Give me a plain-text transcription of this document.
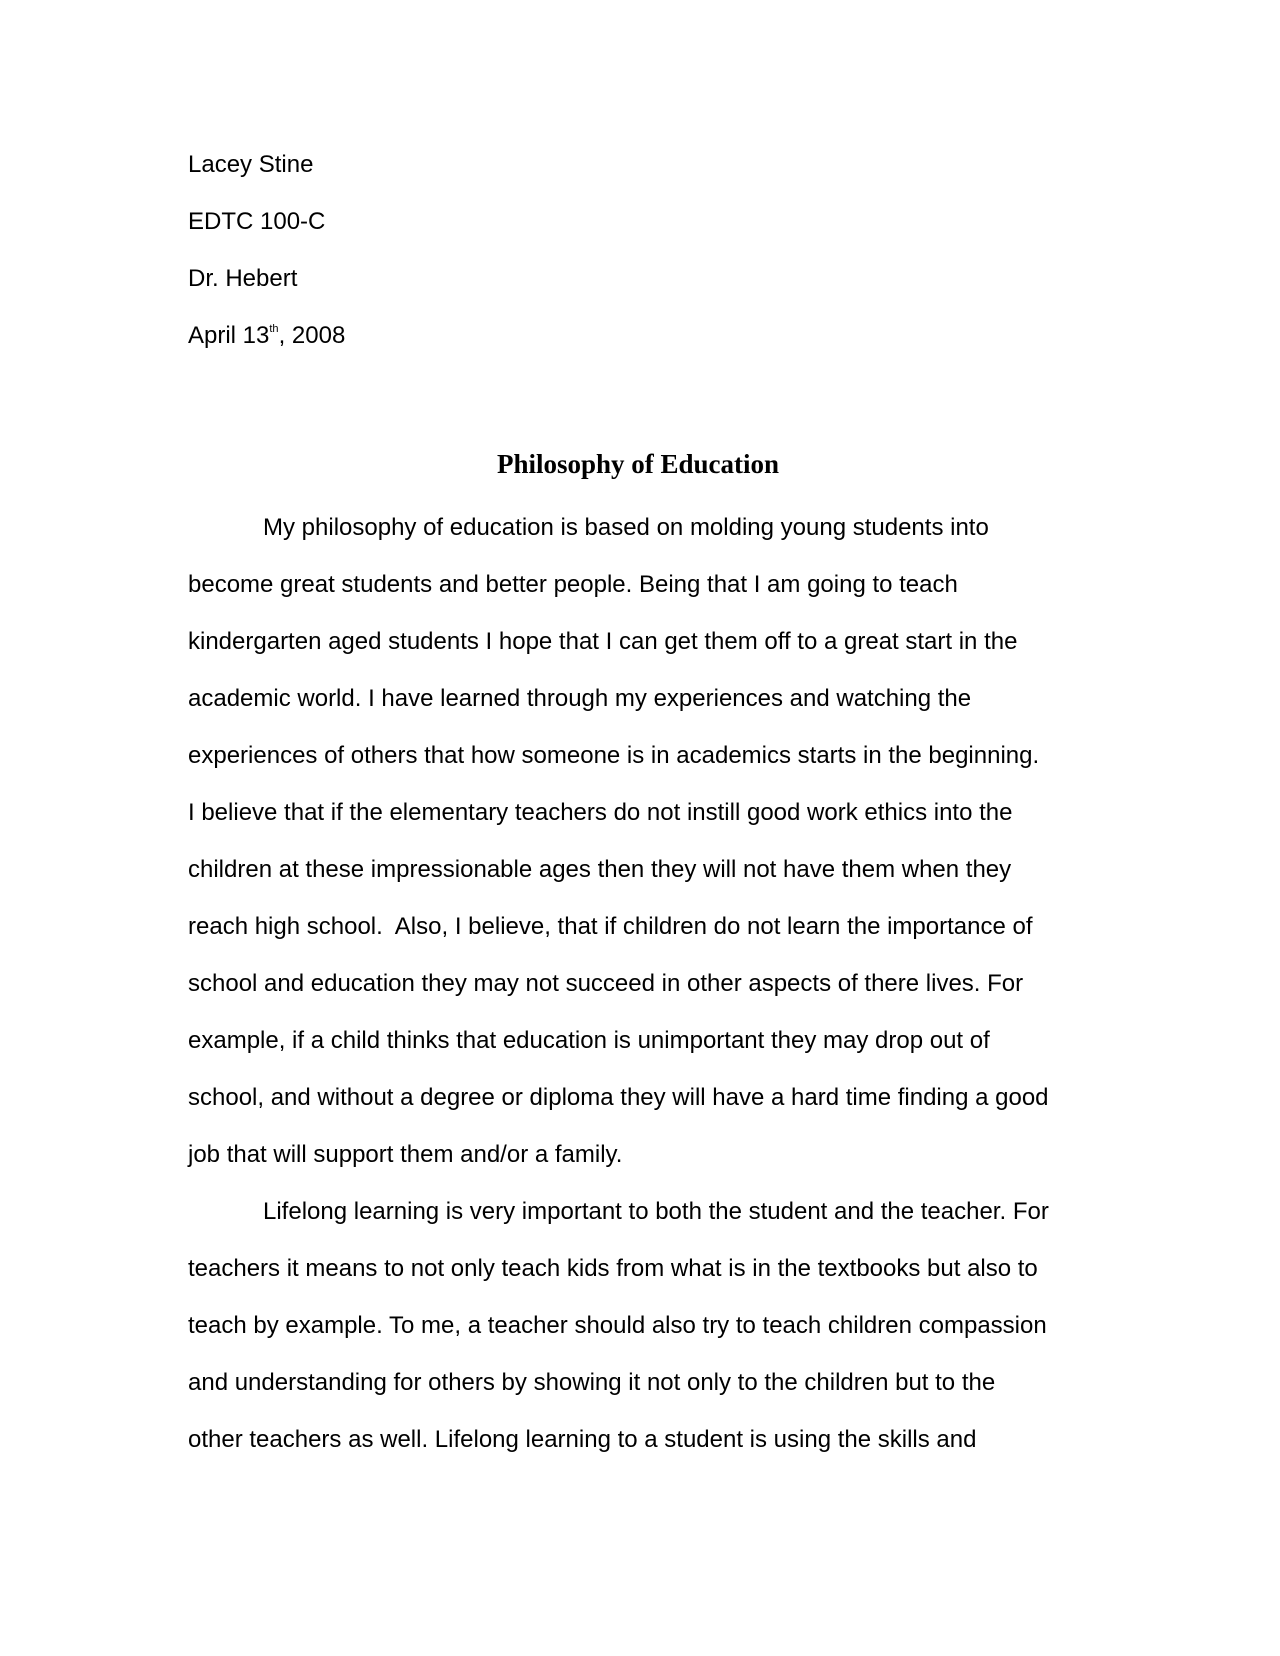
Lacey Stine
EDTC 100-C
Dr. Hebert
April 13th, 2008
Philosophy of Education
My philosophy of education is based on molding young students into
become great students and better people. Being that I am going to teach
kindergarten aged students I hope that I can get them off to a great start in the
academic world. I have learned through my experiences and watching the
experiences of others that how someone is in academics starts in the beginning.
I believe that if the elementary teachers do not instill good work ethics into the
children at these impressionable ages then they will not have them when they
reach high school.  Also, I believe, that if children do not learn the importance of
school and education they may not succeed in other aspects of there lives. For
example, if a child thinks that education is unimportant they may drop out of
school, and without a degree or diploma they will have a hard time finding a good
job that will support them and/or a family.
Lifelong learning is very important to both the student and the teacher. For
teachers it means to not only teach kids from what is in the textbooks but also to
teach by example. To me, a teacher should also try to teach children compassion
and understanding for others by showing it not only to the children but to the
other teachers as well. Lifelong learning to a student is using the skills and
